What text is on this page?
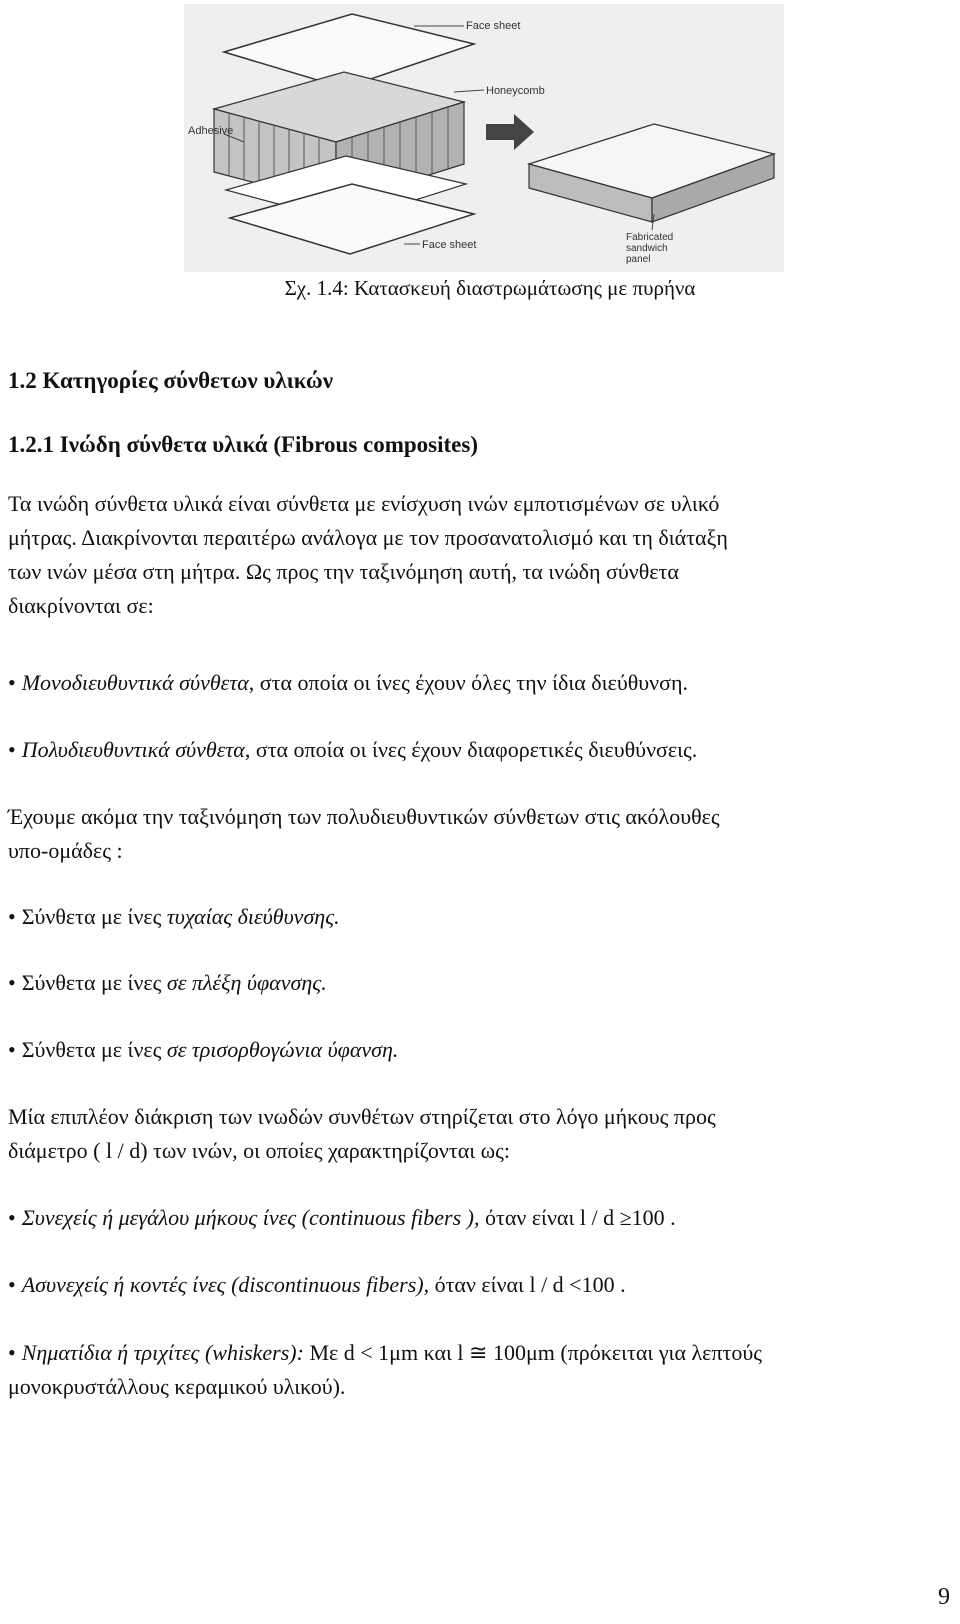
Face sheet
Honeycomb
Adhesive
Face sheet
Fabricated sandwich panel
Σχ. 1.4: Κατασκευή διαστρωμάτωσης με πυρήνα
1.2 Κατηγορίες σύνθετων υλικών
1.2.1 Ινώδη σύνθετα υλικά (Fibrous composites)
Τα ινώδη σύνθετα υλικά είναι σύνθετα με ενίσχυση ινών εμποτισμένων σε υλικό
μήτρας. Διακρίνονται περαιτέρω ανάλογα με τον προσανατολισμό και τη διάταξη
των ινών μέσα στη μήτρα. Ως προς την ταξινόμηση αυτή, τα ινώδη σύνθετα
διακρίνονται σε:
• Μονοδιευθυντικά σύνθετα, στα οποία οι ίνες έχουν όλες την ίδια διεύθυνση.
• Πολυδιευθυντικά σύνθετα, στα οποία οι ίνες έχουν διαφορετικές διευθύνσεις.
Έχουμε ακόμα την ταξινόμηση των πολυδιευθυντικών σύνθετων στις ακόλουθες
υπο-ομάδες :
• Σύνθετα με ίνες τυχαίας διεύθυνσης.
• Σύνθετα με ίνες σε πλέξη ύφανσης.
• Σύνθετα με ίνες σε τρισορθογώνια ύφανση.
Μία επιπλέον διάκριση των ινωδών συνθέτων στηρίζεται στο λόγο μήκους προς
διάμετρο ( l / d) των ινών, οι οποίες χαρακτηρίζονται ως:
• Συνεχείς ή μεγάλου μήκους ίνες (continuous fibers ), όταν είναι l / d ≥100 .
• Ασυνεχείς ή κοντές ίνες (discontinuous fibers), όταν είναι l / d <100 .
• Νηματίδια ή τριχίτες (whiskers): Με d < 1μm και l ≅ 100μm (πρόκειται για λεπτούς
μονοκρυστάλλους κεραμικού υλικού).
9
